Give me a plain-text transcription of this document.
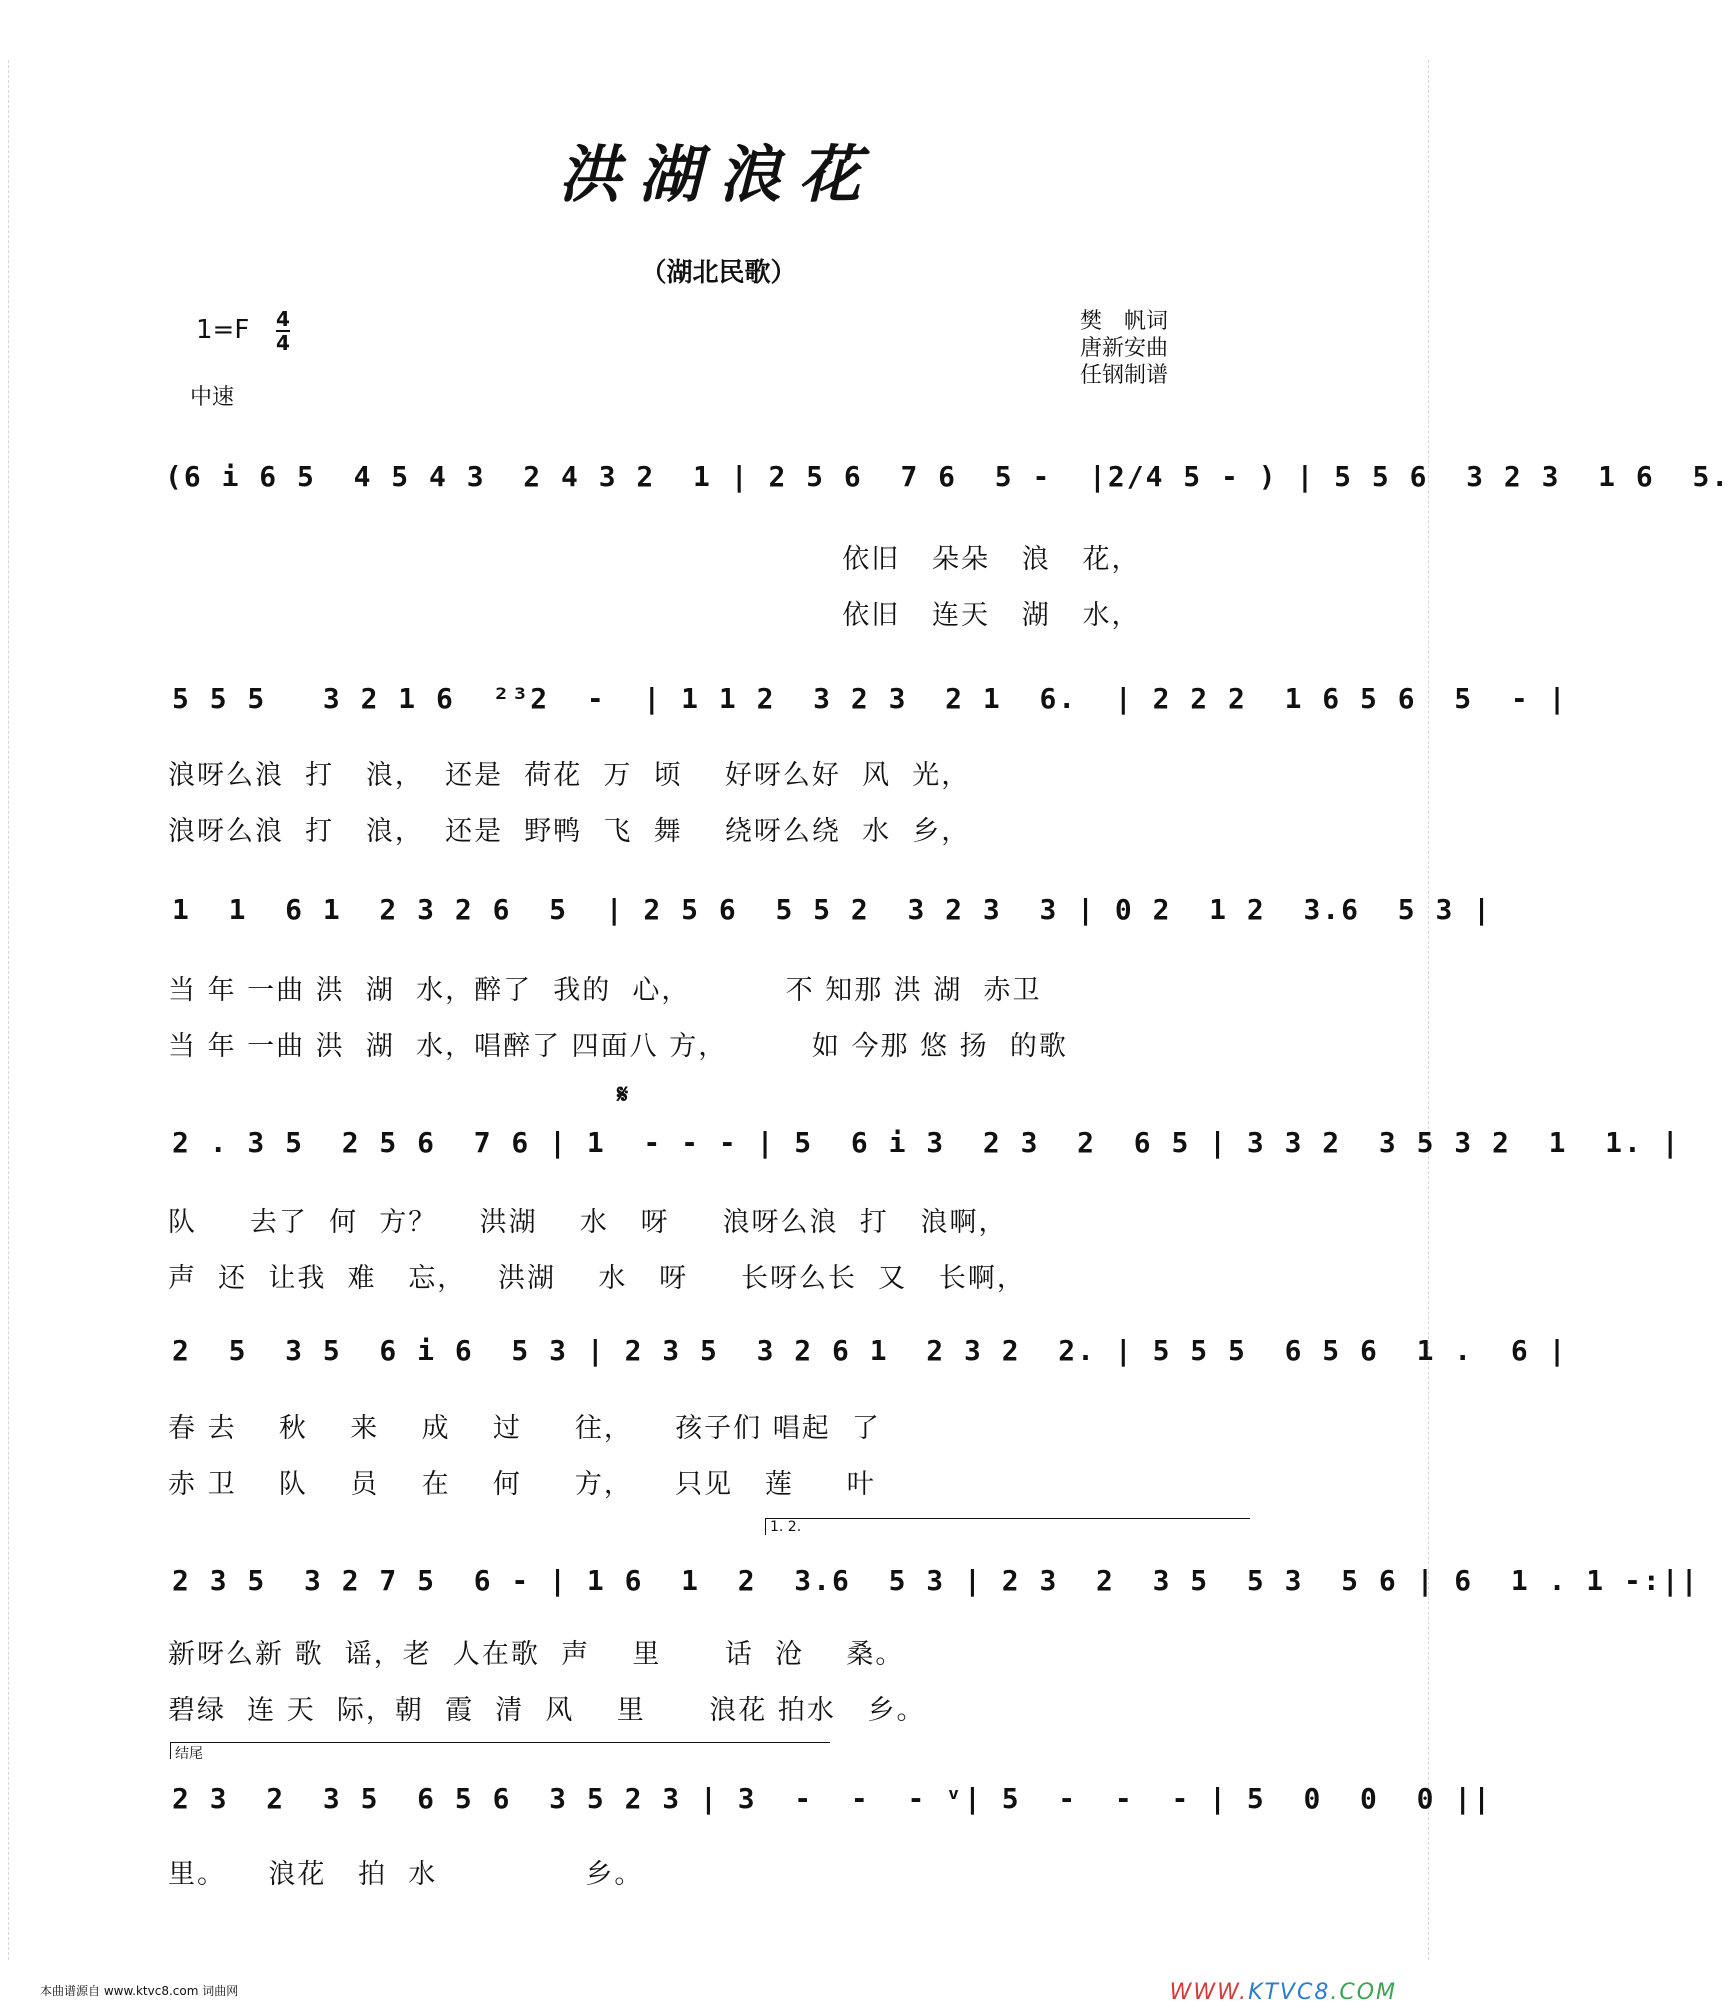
洪湖浪花
（湖北民歌）
$1=F \frac{4}{4}$
中速
樊　帆词
唐新安曲
任钢制谱
(6 i 6 5  4 5 4 3  2 4 3 2  1 | 2 5 6  7 6  5 -  |2/4 5 - ) | 5 5 6  3 2 3  1 6  5.
依旧   朵朵   浪   花，
依旧   连天   湖   水，
5 5 5   3 2 1 6  ²³2  -  | 1 1 2  3 2 3  2 1  6.  | 2 2 2  1 6 5 6  5  - |
浪呀么浪  打   浪，  还是  荷花  万  顷    好呀么好  风  光，
浪呀么浪  打   浪，  还是  野鸭  飞  舞    绕呀么绕  水  乡，
1  1  6 1  2 3 2 6  5  | 2 5 6  5 5 2  3 2 3  3 | 0 2  1 2  3.6  5 3 |
当 年 一曲 洪  湖  水，醉了  我的  心，         不 知那 洪 湖  赤卫
当 年 一曲 洪  湖  水，唱醉了 四面八 方，        如 今那 悠 扬  的歌
𝄋
2 . 3 5  2 5 6  7 6 | 1  - - - | 5  6 i 3  2 3  2  6 5 | 3 3 2  3 5 3 2  1  1. |
队     去了  何  方？    洪湖    水   呀     浪呀么浪  打   浪啊，
声  还  让我  难   忘，   洪湖    水   呀     长呀么长  又   长啊，
2  5  3 5  6 i 6  5 3 | 2 3 5  3 2 6 1  2 3 2  2. | 5 5 5  6 5 6  1 .  6 |
春 去    秋    来    成    过     往，    孩子们 唱起  了
赤 卫    队    员    在    何     方，    只见   莲     叶
1. 2.
2 3 5  3 2 7 5  6 - | 1 6  1  2  3.6  5 3 | 2 3  2  3 5  5 3  5 6 | 6  1 . 1 -:||
新呀么新 歌  谣，老  人在歌  声    里      话  沧    桑。
碧绿  连 天  际，朝  霞  清  风    里      浪花 拍水   乡。
结尾
2 3  2  3 5  6 5 6  3 5 2 3 | 3  -  -  - ᵛ| 5  -  -  - | 5  0  0  0 ||
里。    浪花   拍  水              乡。
本曲谱源自 www.ktvc8.com 词曲网	WWW.KTVC8.COM
